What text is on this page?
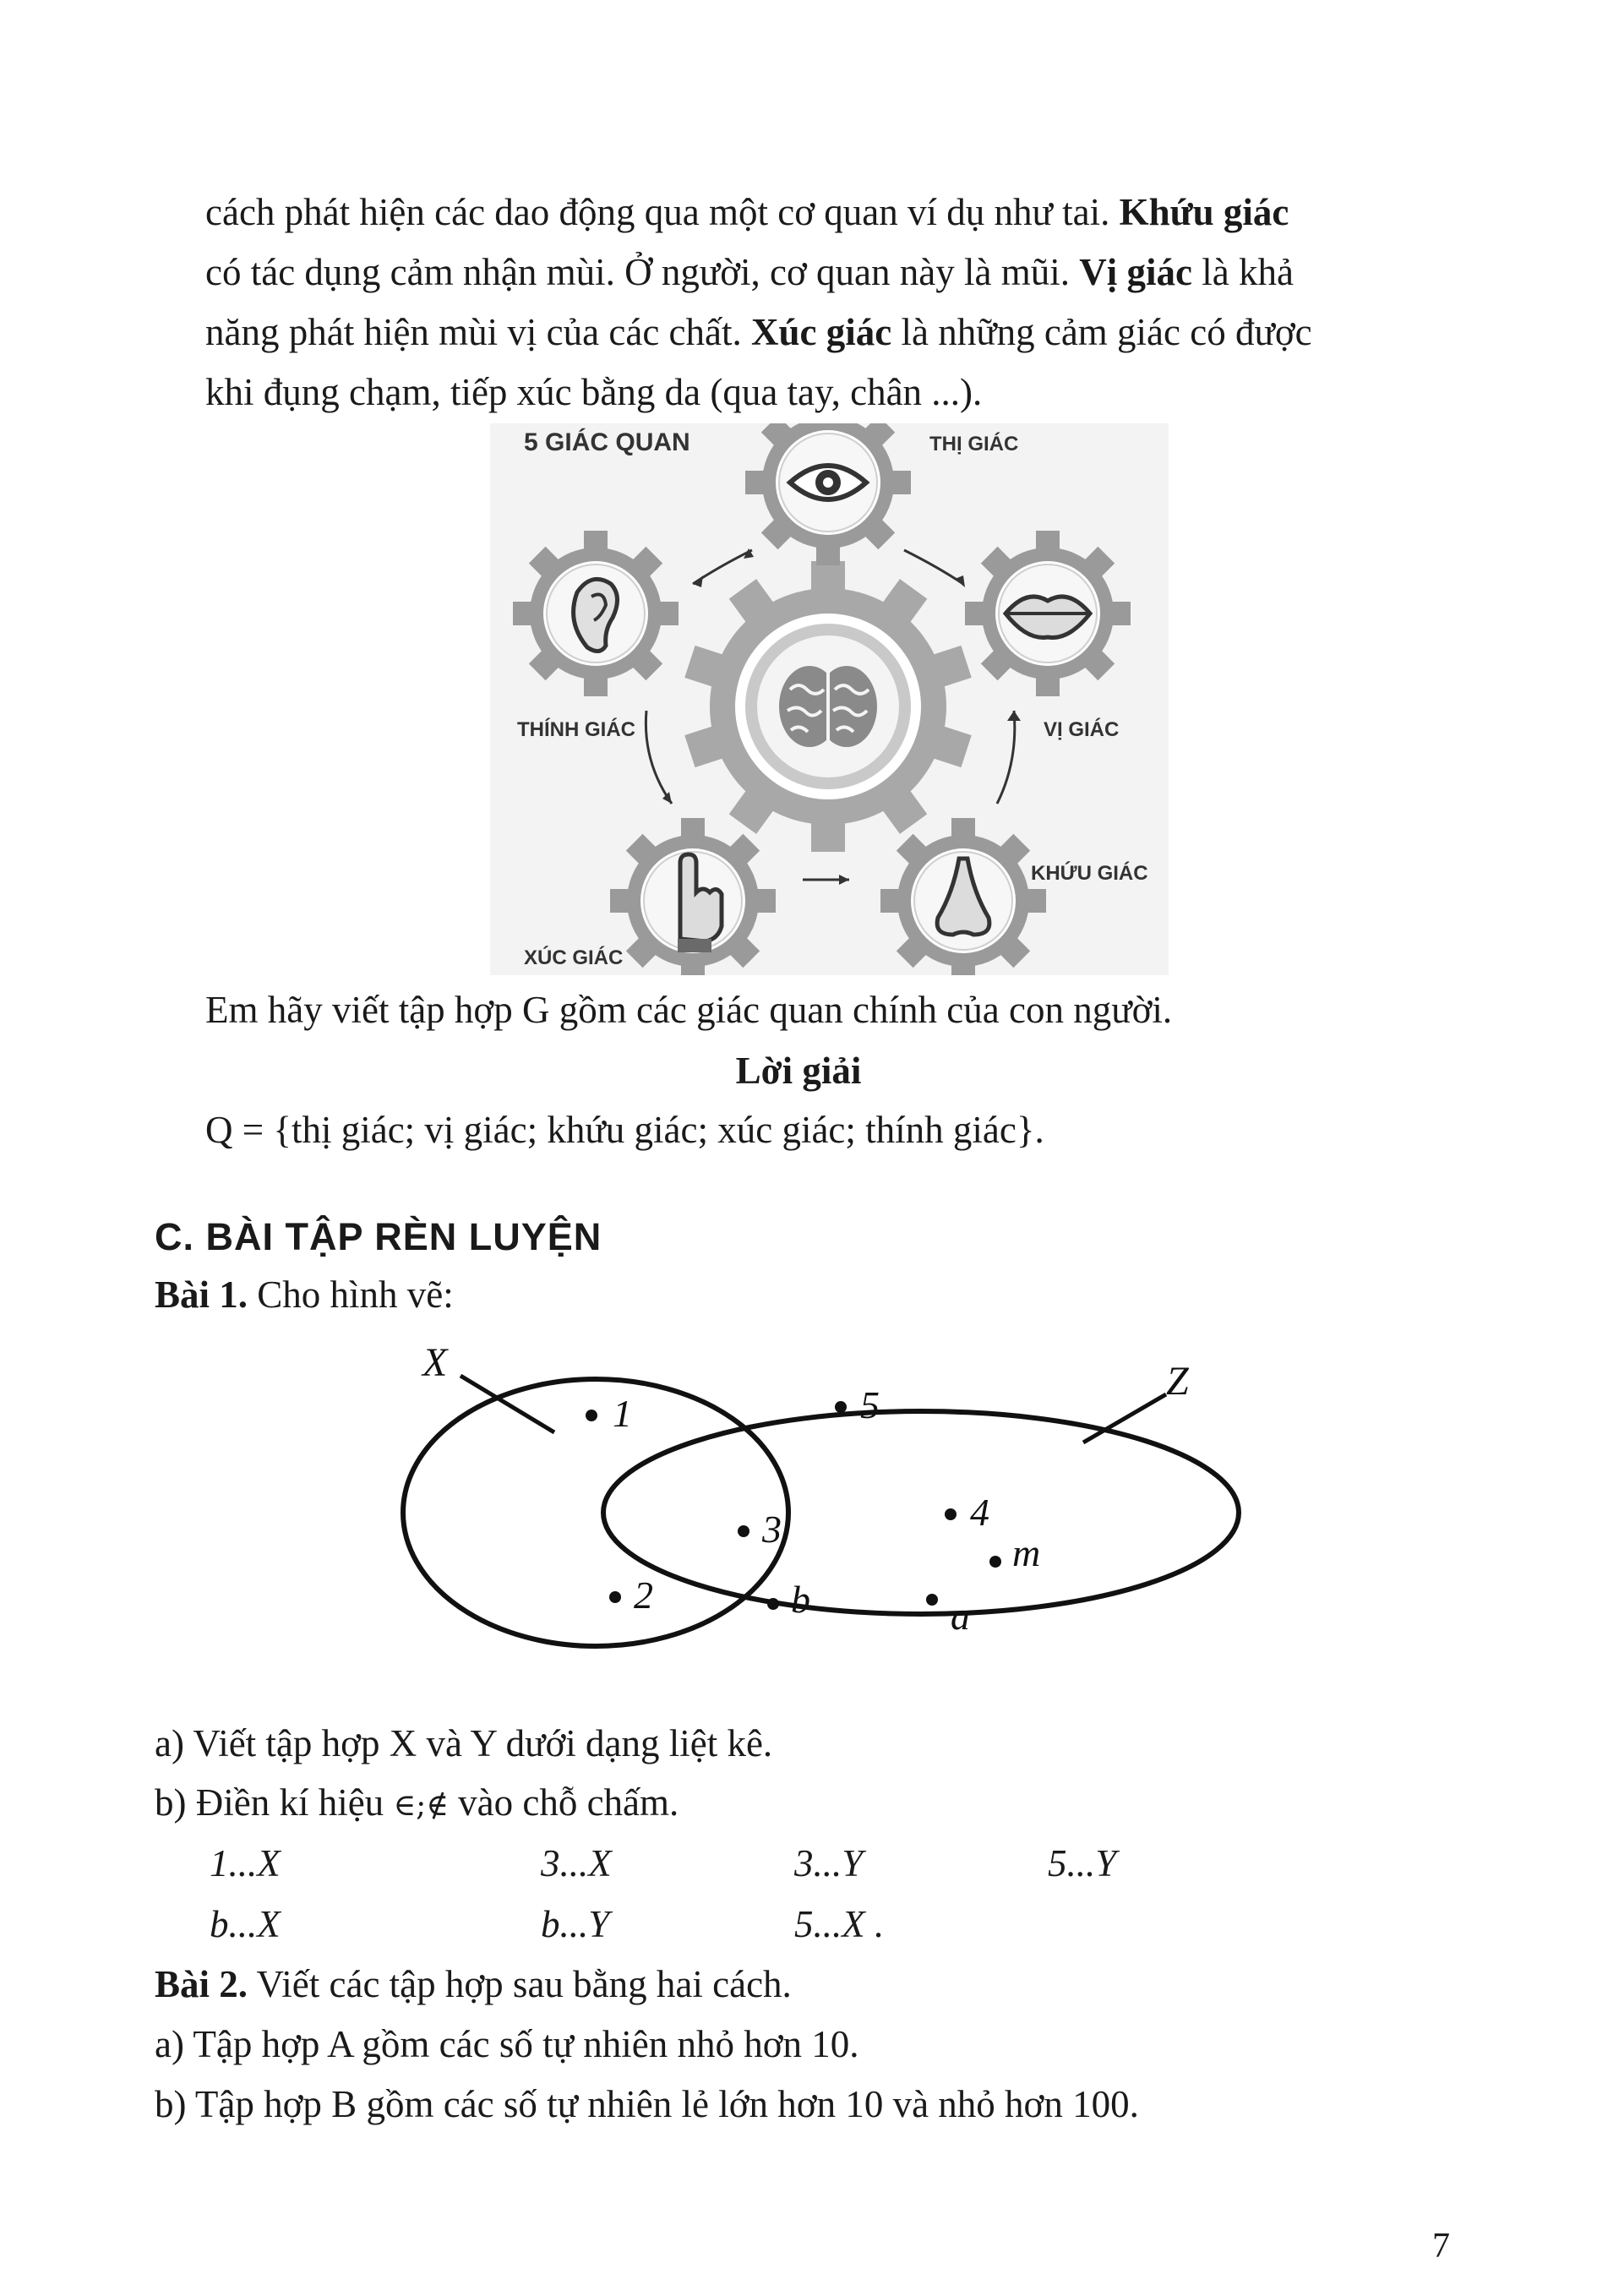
cách phát hiện các dao động qua một cơ quan ví dụ như tai. Khứu giác
có tác dụng cảm nhận mùi. Ở người, cơ quan này là mũi. Vị giác là khả
năng phát hiện mùi vị của các chất. Xúc giác là những cảm giác có được
khi đụng chạm, tiếp xúc bằng da (qua tay, chân ...).
5 GIÁC QUAN	THỊ GIÁC
THÍNH GIÁC	VỊ GIÁC
XÚC GIÁC
KHỨU GIÁC

Em hãy viết tập hợp G gồm các giác quan chính của con người.

Lời giải

Q = {thị giác; vị giác; khứu giác; xúc giác; thính giác}.

C. BÀI TẬP RÈN LUYỆN

Bài 1. Cho hình vẽ:

X	Z
1
2
3
b
4
m
a
5

a) Viết tập hợp X và Y dưới dạng liệt kê.

b) Điền kí hiệu ∈;∉ vào chỗ chấm.

1...X	3...X	3...Y	5...Y
b...X	b...Y	5...X .

Bài 2. Viết các tập hợp sau bằng hai cách.

a) Tập hợp A gồm các số tự nhiên nhỏ hơn 10.

b) Tập hợp B gồm các số tự nhiên lẻ lớn hơn 10 và nhỏ hơn 100.

7
